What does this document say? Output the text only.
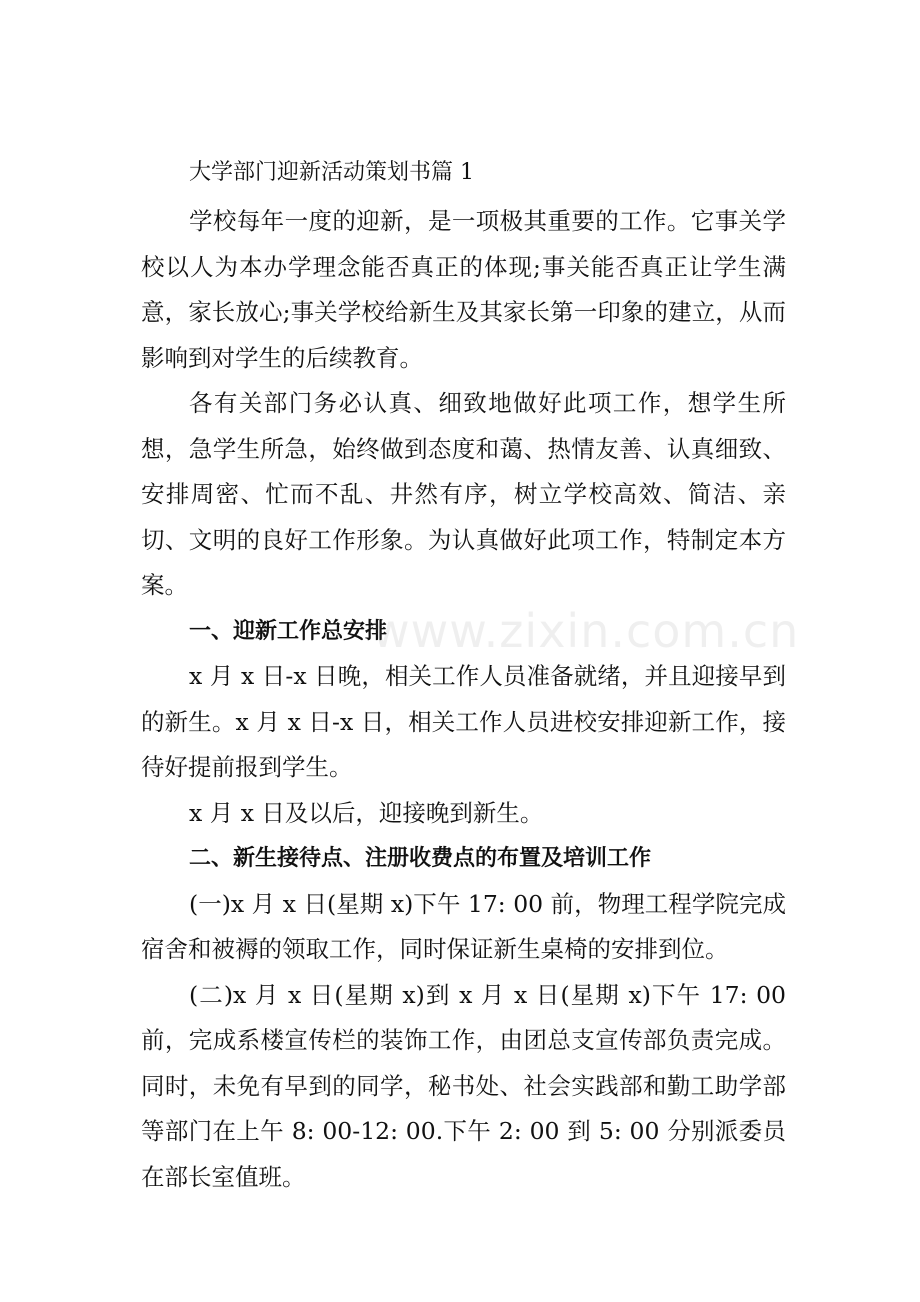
大学部门迎新活动策划书篇 1

学校每年一度的迎新，是一项极其重要的工作。它事关学校以人为本办学理念能否真正的体现;事关能否真正让学生满意，家长放心;事关学校给新生及其家长第一印象的建立，从而影响到对学生的后续教育。

各有关部门务必认真、细致地做好此项工作，想学生所想，急学生所急，始终做到态度和蔼、热情友善、认真细致、安排周密、忙而不乱、井然有序，树立学校高效、简洁、亲切、文明的良好工作形象。为认真做好此项工作，特制定本方案。

一、迎新工作总安排

x 月 x 日-x 日晚，相关工作人员准备就绪，并且迎接早到的新生。x 月 x 日-x 日，相关工作人员进校安排迎新工作，接待好提前报到学生。

x 月 x 日及以后，迎接晚到新生。

二、新生接待点、注册收费点的布置及培训工作

(一)x 月 x 日(星期 x)下午 17: 00 前，物理工程学院完成宿舍和被褥的领取工作，同时保证新生桌椅的安排到位。

(二)x 月 x 日(星期 x)到 x 月 x 日(星期 x)下午 17: 00 前，完成系楼宣传栏的装饰工作，由团总支宣传部负责完成。同时，未免有早到的同学，秘书处、社会实践部和勤工助学部等部门在上午 8: 00-12: 00.下午 2: 00 到 5: 00 分别派委员在部长室值班。

www.zixin.com.cn
